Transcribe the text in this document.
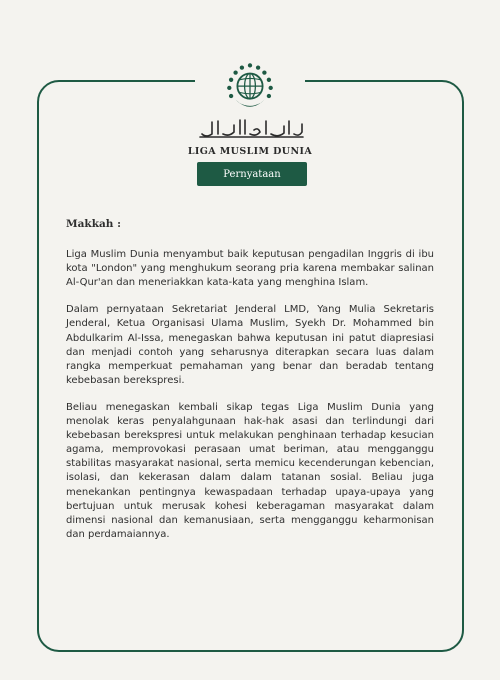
LIGA MUSLIM DUNIA
Pernyataan

Makkah :

Liga Muslim Dunia menyambut baik keputusan pengadilan Inggris di ibu kota "London" yang menghukum seorang pria karena membakar salinan Al-Qur'an dan meneriakkan kata-kata yang menghina Islam.

Dalam pernyataan Sekretariat Jenderal LMD, Yang Mulia Sekretaris Jenderal, Ketua Organisasi Ulama Muslim, Syekh Dr. Mohammed bin Abdulkarim Al-Issa, menegaskan bahwa keputusan ini patut diapresiasi dan menjadi contoh yang seharusnya diterapkan secara luas dalam rangka memperkuat pemahaman yang benar dan beradab tentang kebebasan berekspresi.

Beliau menegaskan kembali sikap tegas Liga Muslim Dunia yang menolak keras penyalahgunaan hak-hak asasi dan terlindungi dari kebebasan berekspresi untuk melakukan penghinaan terhadap kesucian agama, memprovokasi perasaan umat beriman, atau mengganggu stabilitas masyarakat nasional, serta memicu kecenderungan kebencian, isolasi, dan kekerasan dalam dalam tatanan sosial. Beliau juga menekankan pentingnya kewaspadaan terhadap upaya-upaya yang bertujuan untuk merusak kohesi keberagaman masyarakat dalam dimensi nasional dan kemanusiaan, serta mengganggu keharmonisan dan perdamaiannya.
